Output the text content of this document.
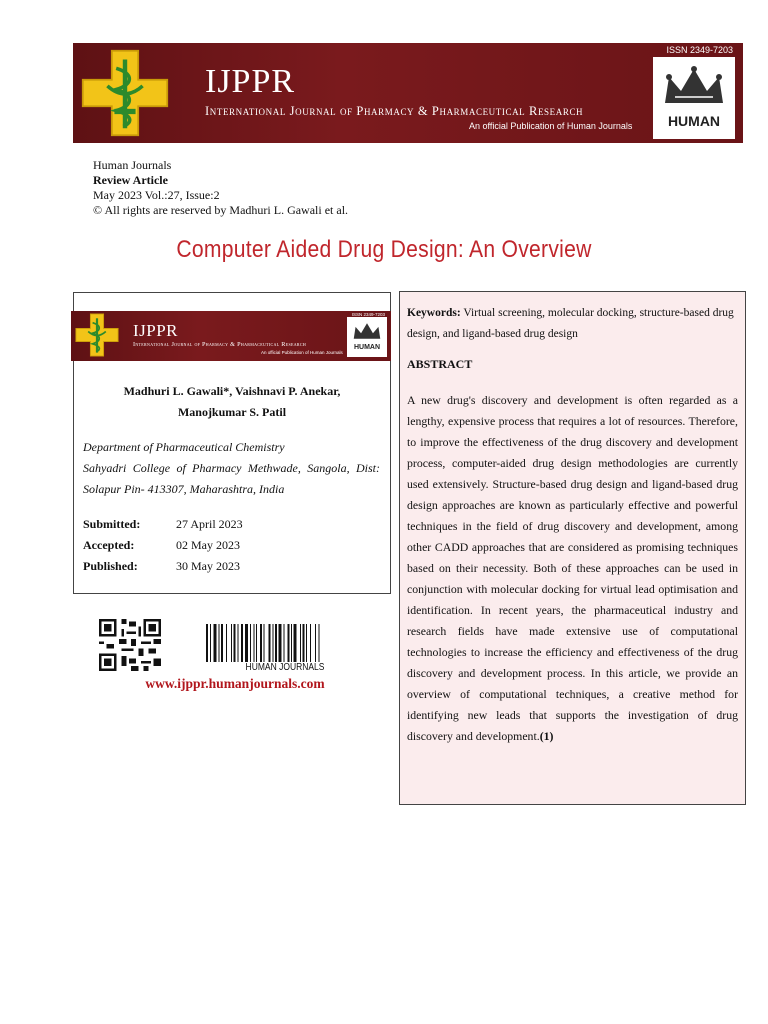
IJPPR
International Journal of Pharmacy & Pharmaceutical Research
An official Publication of Human Journals
ISSN 2349-7203
HUMAN
Human Journals
Review Article
May 2023 Vol.:27, Issue:2
© All rights are reserved by Madhuri L. Gawali et al.
Computer Aided Drug Design: An Overview
IJPPR
International Journal of Pharmacy & Pharmaceutical Research
An official Publication of Human Journals
ISSN 2349-7203
HUMAN
Madhuri L. Gawali*, Vaishnavi P. Anekar,
Manojkumar S. Patil
Department of Pharmaceutical Chemistry
Sahyadri College of Pharmacy Methwade, Sangola, Dist: Solapur Pin- 413307, Maharashtra, India
Submitted:	27 April 2023
Accepted:	02 May 2023
Published:	30 May 2023
Keywords: Virtual screening, molecular docking, structure-based drug design, and ligand-based drug design
ABSTRACT
A new drug's discovery and development is often regarded as a lengthy, expensive process that requires a lot of resources. Therefore, to improve the effectiveness of the drug discovery and development process, computer-aided drug design methodologies are currently used extensively. Structure-based drug design and ligand-based drug design approaches are known as particularly effective and powerful techniques in the field of drug discovery and development, among other CADD approaches that are considered as promising techniques based on their necessity. Both of these approaches can be used in conjunction with molecular docking for virtual lead optimisation and identification. In recent years, the pharmaceutical industry and research fields have made extensive use of computational technologies to increase the efficiency and effectiveness of the drug discovery and development process. In this article, we provide an overview of computational techniques, a creative method for identifying new leads that supports the investigation of drug discovery and development.(1)
HUMAN JOURNALS
www.ijppr.humanjournals.com
